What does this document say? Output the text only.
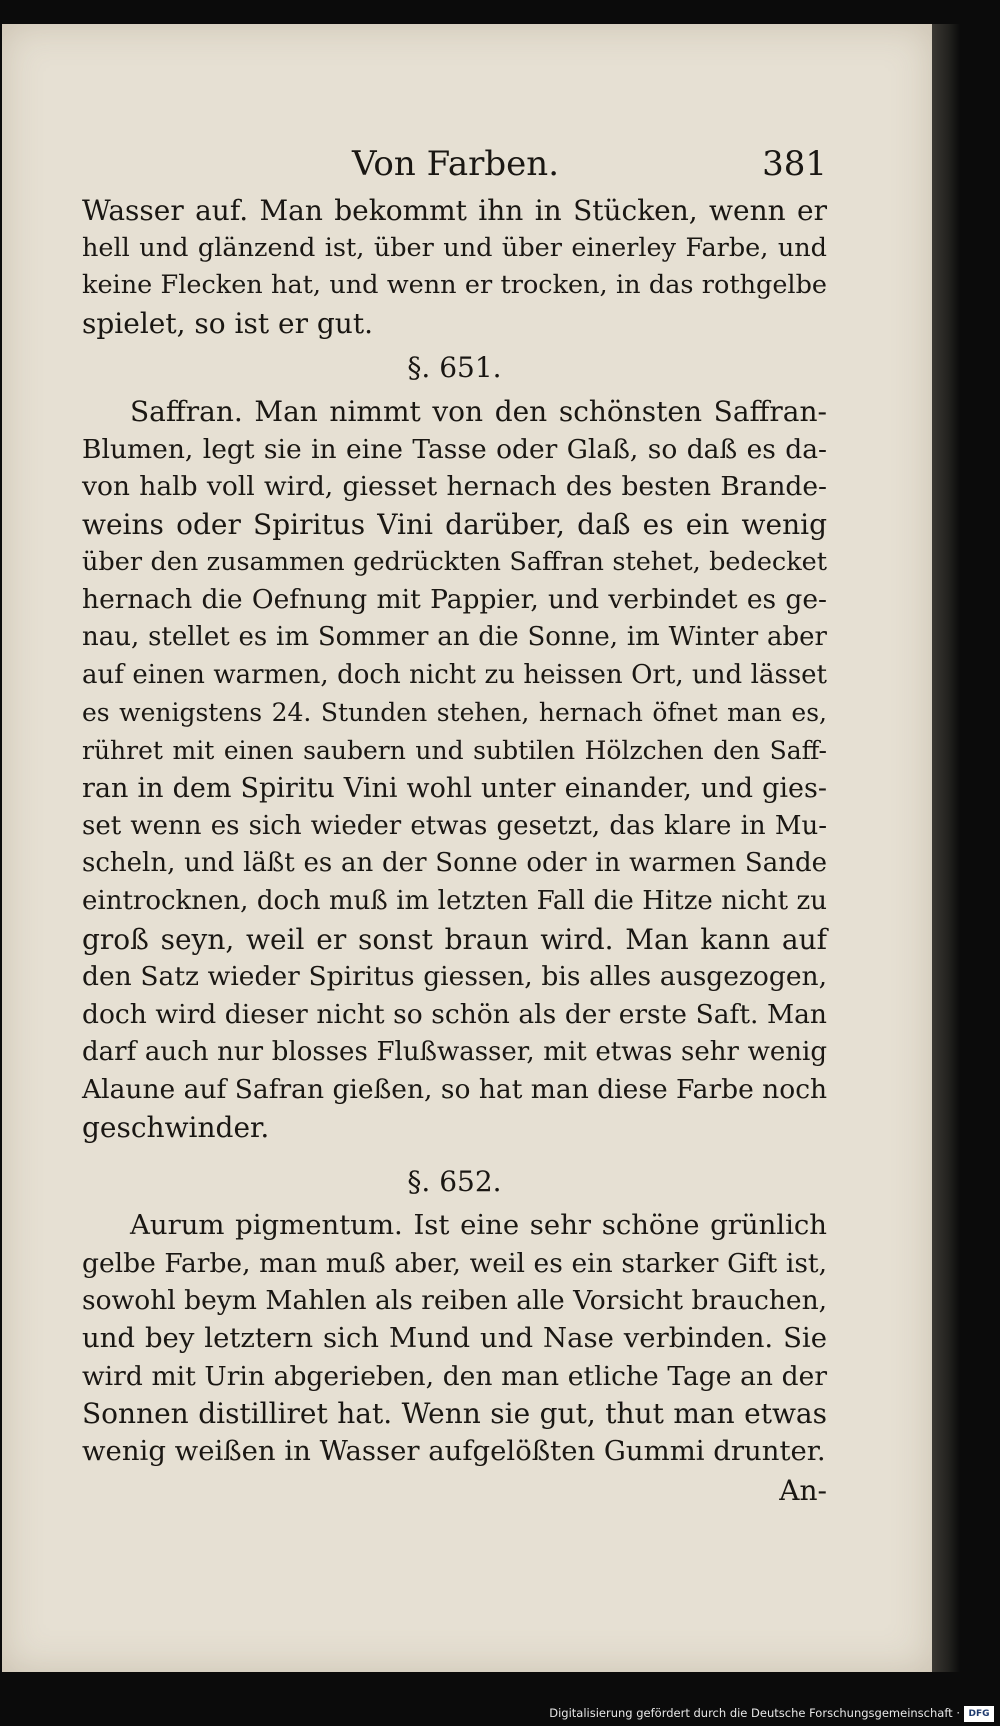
Von Farben.	381
Wasser auf. Man bekommt ihn in Stücken, wenn er
hell und glänzend ist, über und über einerley Farbe, und
keine Flecken hat, und wenn er trocken, in das rothgelbe
spielet, so ist er gut.
§. 651.
Saffran. Man nimmt von den schönsten Saffran-
Blumen, legt sie in eine Tasse oder Glaß, so daß es da-
von halb voll wird, giesset hernach des besten Brande-
weins oder Spiritus Vini darüber, daß es ein wenig
über den zusammen gedrückten Saffran stehet, bedecket
hernach die Oefnung mit Pappier, und verbindet es ge-
nau, stellet es im Sommer an die Sonne, im Winter aber
auf einen warmen, doch nicht zu heissen Ort, und lässet
es wenigstens 24. Stunden stehen, hernach öfnet man es,
rühret mit einen saubern und subtilen Hölzchen den Saff-
ran in dem Spiritu Vini wohl unter einander, und gies-
set wenn es sich wieder etwas gesetzt, das klare in Mu-
scheln, und läßt es an der Sonne oder in warmen Sande
eintrocknen, doch muß im letzten Fall die Hitze nicht zu
groß seyn, weil er sonst braun wird. Man kann auf
den Satz wieder Spiritus giessen, bis alles ausgezogen,
doch wird dieser nicht so schön als der erste Saft. Man
darf auch nur blosses Flußwasser, mit etwas sehr wenig
Alaune auf Safran gießen, so hat man diese Farbe noch
geschwinder.
§. 652.
Aurum pigmentum. Ist eine sehr schöne grünlich
gelbe Farbe, man muß aber, weil es ein starker Gift ist,
sowohl beym Mahlen als reiben alle Vorsicht brauchen,
und bey letztern sich Mund und Nase verbinden. Sie
wird mit Urin abgerieben, den man etliche Tage an der
Sonnen distilliret hat. Wenn sie gut, thut man etwas
wenig weißen in Wasser aufgelößten Gummi drunter.
An-
Digitalisierung gefördert durch die Deutsche Forschungsgemeinschaft · DFG
